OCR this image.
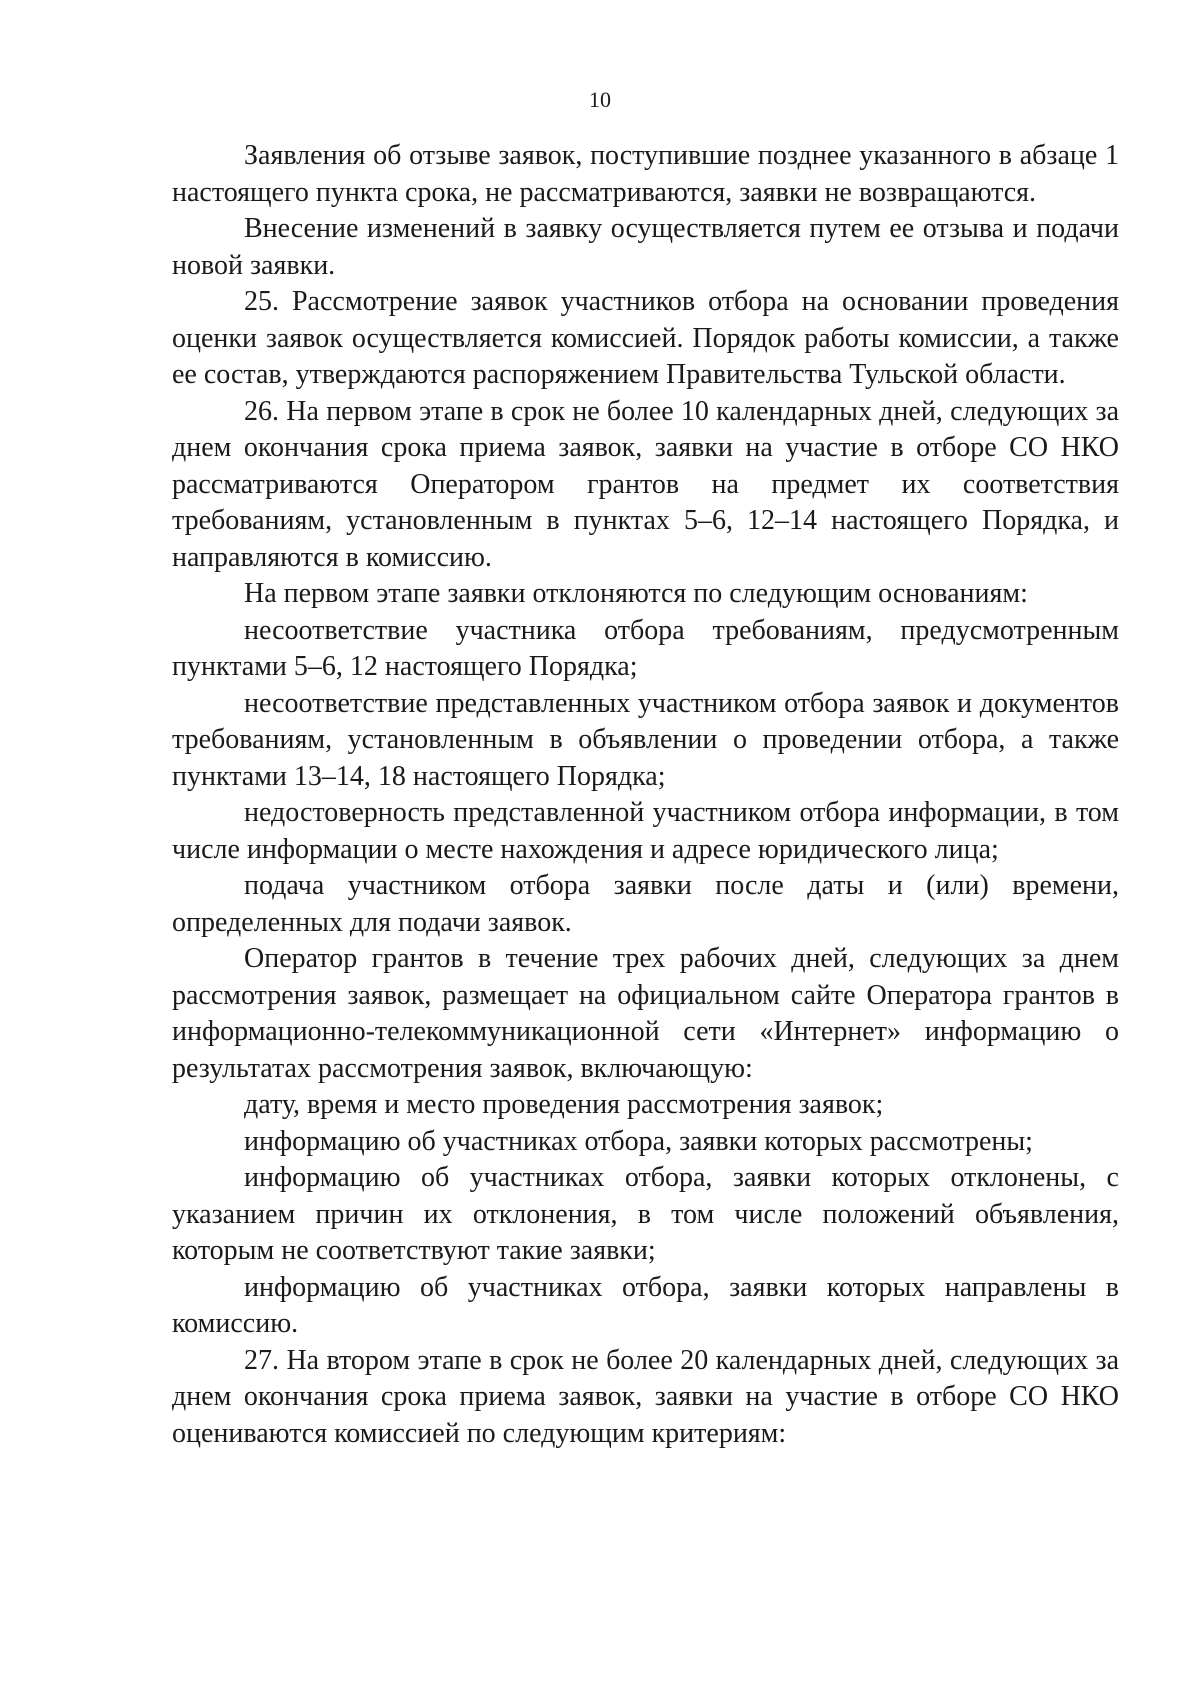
10

Заявления об отзыве заявок, поступившие позднее указанного в абзаце 1 настоящего пункта срока, не рассматриваются, заявки не возвращаются.

Внесение изменений в заявку осуществляется путем ее отзыва и подачи новой заявки.

25. Рассмотрение заявок участников отбора на основании проведения оценки заявок осуществляется комиссией. Порядок работы комиссии, а также ее состав, утверждаются распоряжением Правительства Тульской области.

26. На первом этапе в срок не более 10 календарных дней, следующих за днем окончания срока приема заявок, заявки на участие в отборе СО НКО рассматриваются Оператором грантов на предмет их соответствия требованиям, установленным в пунктах 5–6, 12–14 настоящего Порядка, и направляются в комиссию.

На первом этапе заявки отклоняются по следующим основаниям:

несоответствие участника отбора требованиям, предусмотренным пунктами 5–6, 12 настоящего Порядка;

несоответствие представленных участником отбора заявок и документов требованиям, установленным в объявлении о проведении отбора, а также пунктами 13–14, 18 настоящего Порядка;

недостоверность представленной участником отбора информации, в том числе информации о месте нахождения и адресе юридического лица;

подача участником отбора заявки после даты и (или) времени, определенных для подачи заявок.

Оператор грантов в течение трех рабочих дней, следующих за днем рассмотрения заявок, размещает на официальном сайте Оператора грантов в информационно-телекоммуникационной сети «Интернет» информацию о результатах рассмотрения заявок, включающую:

дату, время и место проведения рассмотрения заявок;

информацию об участниках отбора, заявки которых рассмотрены;

информацию об участниках отбора, заявки которых отклонены, с указанием причин их отклонения, в том числе положений объявления, которым не соответствуют такие заявки;

информацию об участниках отбора, заявки которых направлены в комиссию.

27. На втором этапе в срок не более 20 календарных дней, следующих за днем окончания срока приема заявок, заявки на участие в отборе СО НКО оцениваются комиссией по следующим критериям:
